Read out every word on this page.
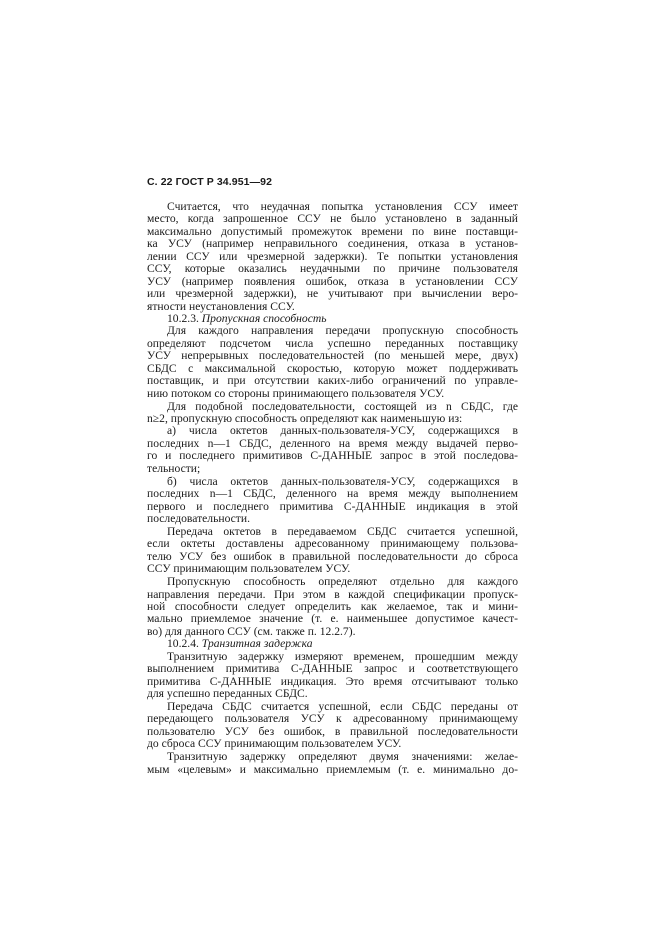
С. 22 ГОСТ Р 34.951—92
Считается, что неудачная попытка установления ССУ имеет
место, когда запрошенное ССУ не было установлено в заданный
максимально допустимый промежуток времени по вине поставщи-
ка УСУ (например неправильного соединения, отказа в установ-
лении ССУ или чрезмерной задержки). Те попытки установления
ССУ, которые оказались неудачными по причине пользователя
УСУ (например появления ошибок, отказа в установлении ССУ
или чрезмерной задержки), не учитывают при вычислении веро-
ятности неустановления ССУ.
10.2.3. Пропускная способность
Для каждого направления передачи пропускную способность
определяют подсчетом числа успешно переданных поставщику
УСУ непрерывных последовательностей (по меньшей мере, двух)
СБДС с максимальной скоростью, которую может поддерживать
поставщик, и при отсутствии каких-либо ограничений по управле-
нию потоком со стороны принимающего пользователя УСУ.
Для подобной последовательности, состоящей из n СБДС, где
n≥2, пропускную способность определяют как наименьшую из:
а) числа октетов данных-пользователя-УСУ, содержащихся в
последних n—1 СБДС, деленного на время между выдачей перво-
го и последнего примитивов С-ДАННЫЕ запрос в этой последова-
тельности;
б) числа октетов данных-пользователя-УСУ, содержащихся в
последних n—1 СБДС, деленного на время между выполнением
первого и последнего примитива С-ДАННЫЕ индикация в этой
последовательности.
Передача октетов в передаваемом СБДС считается успешной,
если октеты доставлены адресованному принимающему пользова-
телю УСУ без ошибок в правильной последовательности до сброса
ССУ принимающим пользователем УСУ.
Пропускную способность определяют отдельно для каждого
направления передачи. При этом в каждой спецификации пропуск-
ной способности следует определить как желаемое, так и мини-
мально приемлемое значение (т. е. наименьшее допустимое качест-
во) для данного ССУ (см. также п. 12.2.7).
10.2.4. Транзитная задержка
Транзитную задержку измеряют временем, прошедшим между
выполнением примитива С-ДАННЫЕ запрос и соответствующего
примитива С-ДАННЫЕ индикация. Это время отсчитывают только
для успешно переданных СБДС.
Передача СБДС считается успешной, если СБДС переданы от
передающего пользователя УСУ к адресованному принимающему
пользователю УСУ без ошибок, в правильной последовательности
до сброса ССУ принимающим пользователем УСУ.
Транзитную задержку определяют двумя значениями: желае-
мым «целевым» и максимально приемлемым (т. е. минимально до-
